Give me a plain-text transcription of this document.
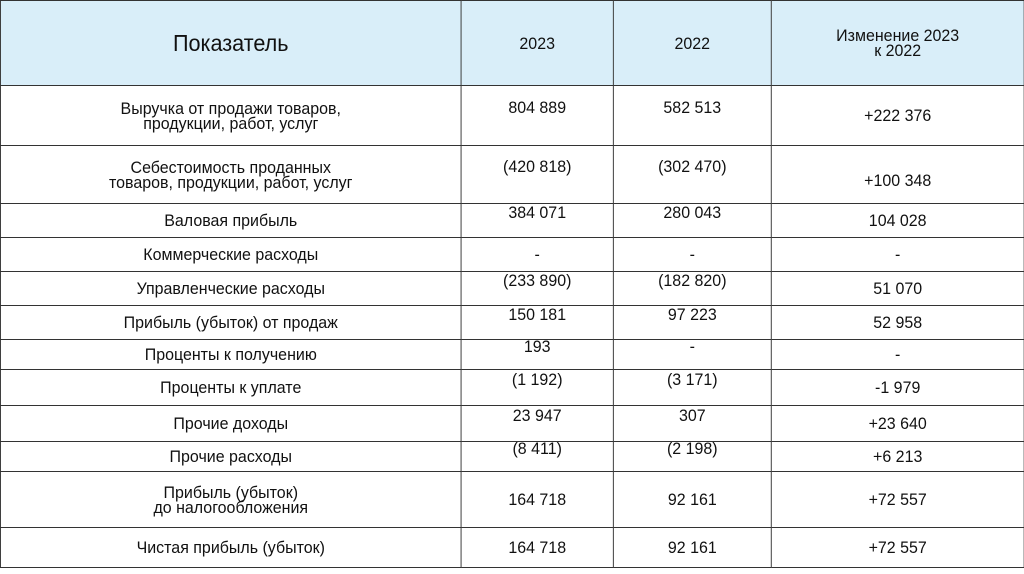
Показатель	2023	2022	Изменение 2023
к 2022

Выручка от продажи товаров,
продукции, работ, услуг	804 889	582 513	+222 376

Себестоимость проданных
товаров, продукции, работ, услуг	(420 818)	(302 470)	+100 348

Валовая прибыль	384 071	280 043	104 028

Коммерческие расходы	-	-	-

Управленческие расходы	(233 890)	(182 820)	51 070

Прибыль (убыток) от продаж	150 181	97 223	52 958

Проценты к получению	193	-	-

Проценты к уплате	(1 192)	(3 171)	-1 979

Прочие доходы	23 947	307	+23 640

Прочие расходы	(8 411)	(2 198)	+6 213

Прибыль (убыток)
до налогообложения	164 718	92 161	+72 557

Чистая прибыль (убыток)	164 718	92 161	+72 557
